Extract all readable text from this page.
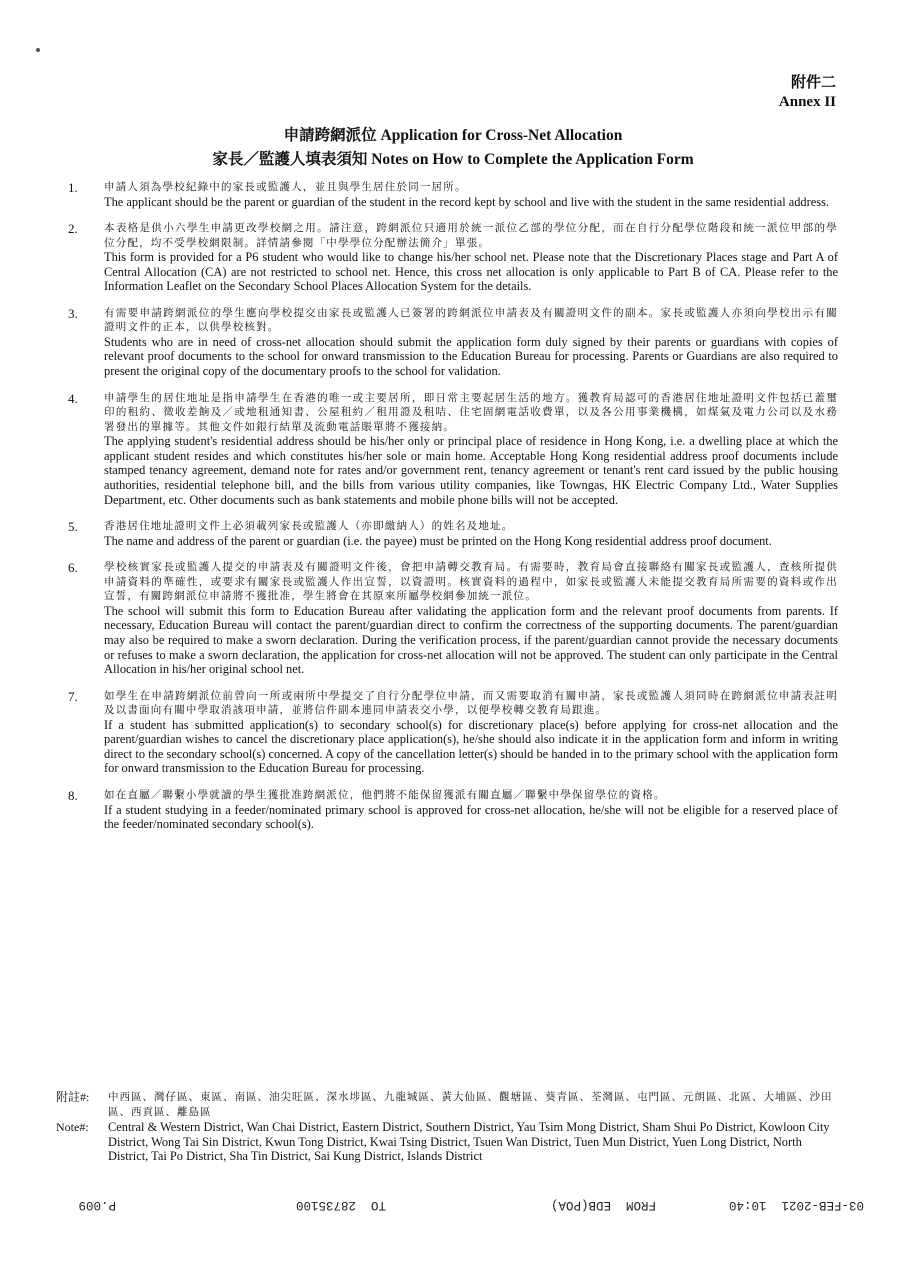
附件二
Annex II
申請跨網派位 Application for Cross-Net Allocation
家長／監護人填表須知 Notes on How to Complete the Application Form
1.	申請人須為學校紀錄中的家長或監護人，並且與學生居住於同一居所。
The applicant should be the parent or guardian of the student in the record kept by school and live with the student in the same residential address.
2.	本表格是供小六學生申請更改學校網之用。請注意，跨網派位只適用於統一派位乙部的學位分配，而在自行分配學位階段和統一派位甲部的學位分配，均不受學校網限制。詳情請參閱「中學學位分配辦法簡介」單張。
This form is provided for a P6 student who would like to change his/her school net. Please note that the Discretionary Places stage and Part A of Central Allocation (CA) are not restricted to school net. Hence, this cross net allocation is only applicable to Part B of CA. Please refer to the Information Leaflet on the Secondary School Places Allocation System for the details.
3.	有需要申請跨網派位的學生應向學校提交由家長或監護人已簽署的跨網派位申請表及有關證明文件的副本。家長或監護人亦須向學校出示有關證明文件的正本，以供學校核對。
Students who are in need of cross-net allocation should submit the application form duly signed by their parents or guardians with copies of relevant proof documents to the school for onward transmission to the Education Bureau for processing. Parents or Guardians are also required to present the original copy of the documentary proofs to the school for validation.
4.	申請學生的居住地址是指申請學生在香港的唯一或主要居所，即日常主要起居生活的地方。獲教育局認可的香港居住地址證明文件包括已蓋璽印的租約、徵收差餉及／或地租通知書、公屋租約／租用證及租咭、住宅固網電話收費單，以及各公用事業機構，如煤氣及電力公司以及水務署發出的單據等。其他文件如銀行結單及流動電話賬單將不獲接納。
The applying student's residential address should be his/her only or principal place of residence in Hong Kong, i.e. a dwelling place at which the applicant student resides and which constitutes his/her sole or main home. Acceptable Hong Kong residential address proof documents include stamped tenancy agreement, demand note for rates and/or government rent, tenancy agreement or tenant's rent card issued by the public housing authorities, residential telephone bill, and the bills from various utility companies, like Towngas, HK Electric Company Ltd., Water Supplies Department, etc. Other documents such as bank statements and mobile phone bills will not be accepted.
5.	香港居住地址證明文件上必須載列家長或監護人（亦即繳納人）的姓名及地址。
The name and address of the parent or guardian (i.e. the payee) must be printed on the Hong Kong residential address proof document.
6.	學校核實家長或監護人提交的申請表及有關證明文件後，會把申請轉交教育局。有需要時，教育局會直接聯絡有關家長或監護人，查核所提供申請資料的準確性，或要求有關家長或監護人作出宣誓，以資證明。核實資料的過程中，如家長或監護人未能提交教育局所需要的資料或作出宣誓，有關跨網派位申請將不獲批准，學生將會在其原來所屬學校網參加統一派位。
The school will submit this form to Education Bureau after validating the application form and the relevant proof documents from parents. If necessary, Education Bureau will contact the parent/guardian direct to confirm the correctness of the supporting documents. The parent/guardian may also be required to make a sworn declaration. During the verification process, if the parent/guardian cannot provide the necessary documents or refuses to make a sworn declaration, the application for cross-net allocation will not be approved. The student can only participate in the Central Allocation in his/her original school net.
7.	如學生在申請跨網派位前曾向一所或兩所中學提交了自行分配學位申請，而又需要取消有關申請，家長或監護人須同時在跨網派位申請表註明及以書面向有關中學取消該項申請，並將信件副本連同申請表交小學，以便學校轉交教育局跟進。
If a student has submitted application(s) to secondary school(s) for discretionary place(s) before applying for cross-net allocation and the parent/guardian wishes to cancel the discretionary place application(s), he/she should also indicate it in the application form and inform in writing direct to the secondary school(s) concerned. A copy of the cancellation letter(s) should be handed in to the primary school with the application form for onward transmission to the Education Bureau for processing.
8.	如在直屬／聯繫小學就讀的學生獲批准跨網派位，他們將不能保留獲派有關直屬／聯繫中學保留學位的資格。
If a student studying in a feeder/nominated primary school is approved for cross-net allocation, he/she will not be eligible for a reserved place of the feeder/nominated secondary school(s).
附註#:	中西區、灣仔區、東區、南區、油尖旺區、深水埗區、九龍城區、黃大仙區、觀塘區、葵青區、荃灣區、屯門區、元朗區、北區、大埔區、沙田區、西貢區、離島區
Note#:	Central & Western District, Wan Chai District, Eastern District, Southern District, Yau Tsim Mong District, Sham Shui Po District, Kowloon City District, Wong Tai Sin District, Kwun Tong District, Kwai Tsing District, Tsuen Wan District, Tuen Mun District, Yuen Long District, North District, Tai Po District, Sha Tin District, Sai Kung District, Islands District
03-FEB-2021  10:40
FROM  EDB(POA)
TO  28735100
P.009
